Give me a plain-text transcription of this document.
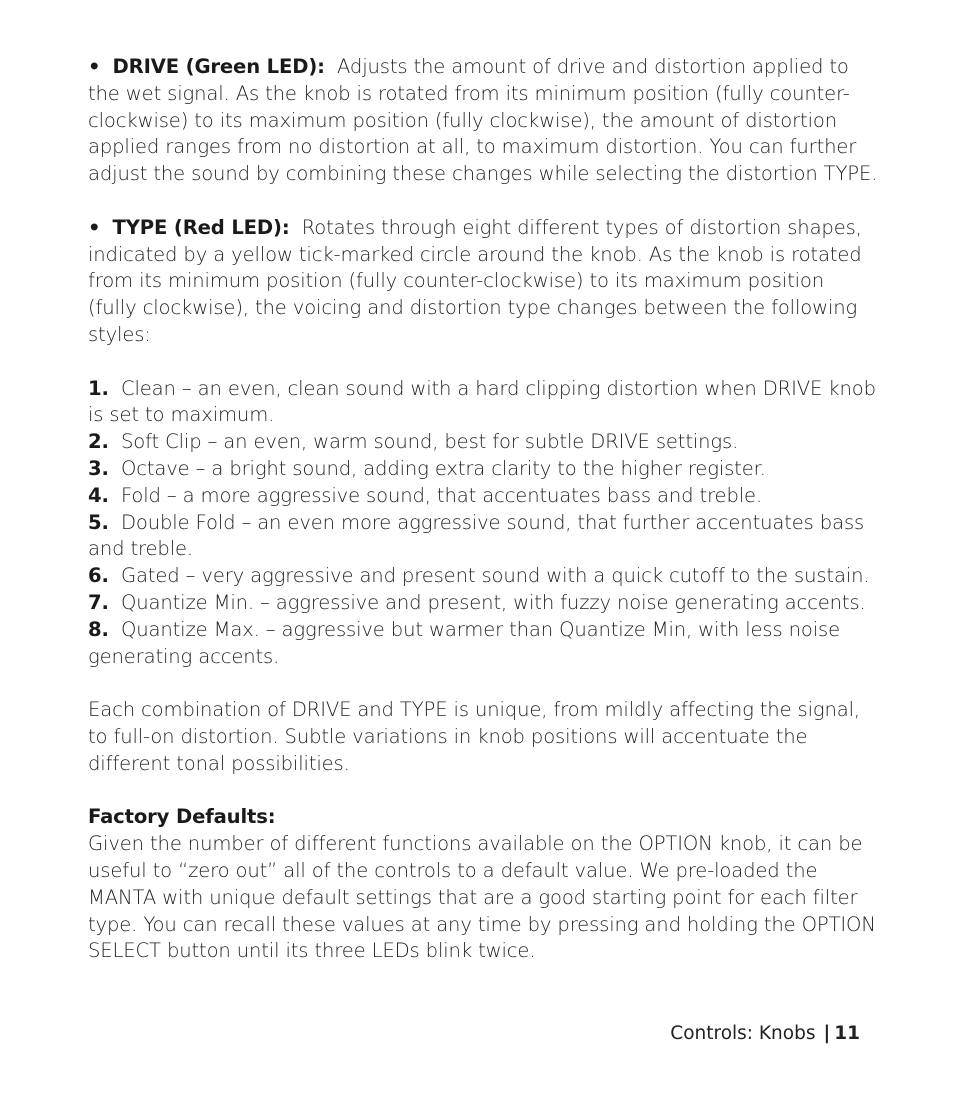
• DRIVE (Green LED): Adjusts the amount of drive and distortion applied to the wet signal. As the knob is rotated from its minimum position (fully counter-clockwise) to its maximum position (fully clockwise), the amount of distortion applied ranges from no distortion at all, to maximum distortion. You can further adjust the sound by combining these changes while selecting the distortion TYPE.

• TYPE (Red LED): Rotates through eight different types of distortion shapes, indicated by a yellow tick-marked circle around the knob. As the knob is rotated from its minimum position (fully counter-clockwise) to its maximum position (fully clockwise), the voicing and distortion type changes between the following styles:

1. Clean – an even, clean sound with a hard clipping distortion when DRIVE knob is set to maximum.

2. Soft Clip – an even, warm sound, best for subtle DRIVE settings.

3. Octave – a bright sound, adding extra clarity to the higher register.

4. Fold – a more aggressive sound, that accentuates bass and treble.

5. Double Fold – an even more aggressive sound, that further accentuates bass and treble.

6. Gated – very aggressive and present sound with a quick cutoff to the sustain.

7. Quantize Min. – aggressive and present, with fuzzy noise generating accents.

8. Quantize Max. – aggressive but warmer than Quantize Min, with less noise generating accents.

Each combination of DRIVE and TYPE is unique, from mildly affecting the signal, to full-on distortion. Subtle variations in knob positions will accentuate the different tonal possibilities.

Factory Defaults:

Given the number of different functions available on the OPTION knob, it can be useful to “zero out” all of the controls to a default value. We pre-loaded the MANTA with unique default settings that are a good starting point for each filter type. You can recall these values at any time by pressing and holding the OPTION SELECT button until its three LEDs blink twice.

Controls: Knobs | 11
